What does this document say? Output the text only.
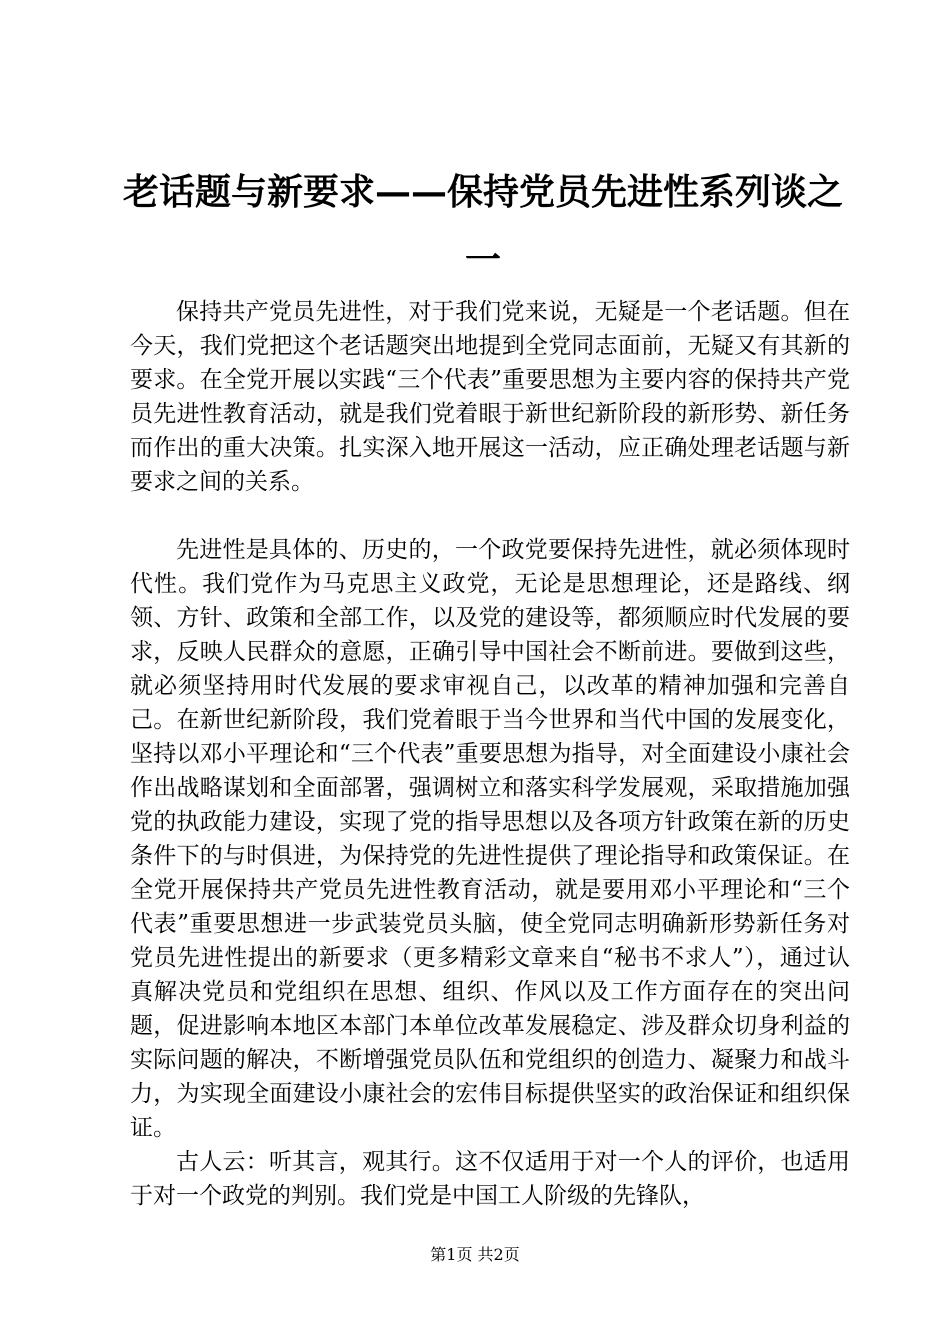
老话题与新要求——保持党员先进性系列谈之一

保持共产党员先进性，对于我们党来说，无疑是一个老话题。但在今天，我们党把这个老话题突出地提到全党同志面前，无疑又有其新的要求。在全党开展以实践“三个代表”重要思想为主要内容的保持共产党员先进性教育活动，就是我们党着眼于新世纪新阶段的新形势、新任务而作出的重大决策。扎实深入地开展这一活动，应正确处理老话题与新要求之间的关系。

先进性是具体的、历史的，一个政党要保持先进性，就必须体现时代性。我们党作为马克思主义政党，无论是思想理论，还是路线、纲领、方针、政策和全部工作，以及党的建设等，都须顺应时代发展的要求，反映人民群众的意愿，正确引导中国社会不断前进。要做到这些，就必须坚持用时代发展的要求审视自己，以改革的精神加强和完善自己。在新世纪新阶段，我们党着眼于当今世界和当代中国的发展变化，坚持以邓小平理论和“三个代表”重要思想为指导，对全面建设小康社会作出战略谋划和全面部署，强调树立和落实科学发展观，采取措施加强党的执政能力建设，实现了党的指导思想以及各项方针政策在新的历史条件下的与时俱进，为保持党的先进性提供了理论指导和政策保证。在全党开展保持共产党员先进性教育活动，就是要用邓小平理论和“三个代表”重要思想进一步武装党员头脑，使全党同志明确新形势新任务对党员先进性提出的新要求（更多精彩文章来自“秘书不求人”），通过认真解决党员和党组织在思想、组织、作风以及工作方面存在的突出问题，促进影响本地区本部门本单位改革发展稳定、涉及群众切身利益的实际问题的解决，不断增强党员队伍和党组织的创造力、凝聚力和战斗力，为实现全面建设小康社会的宏伟目标提供坚实的政治保证和组织保证。

古人云：听其言，观其行。这不仅适用于对一个人的评价，也适用于对一个政党的判别。我们党是中国工人阶级的先锋队，

第1页 共2页
